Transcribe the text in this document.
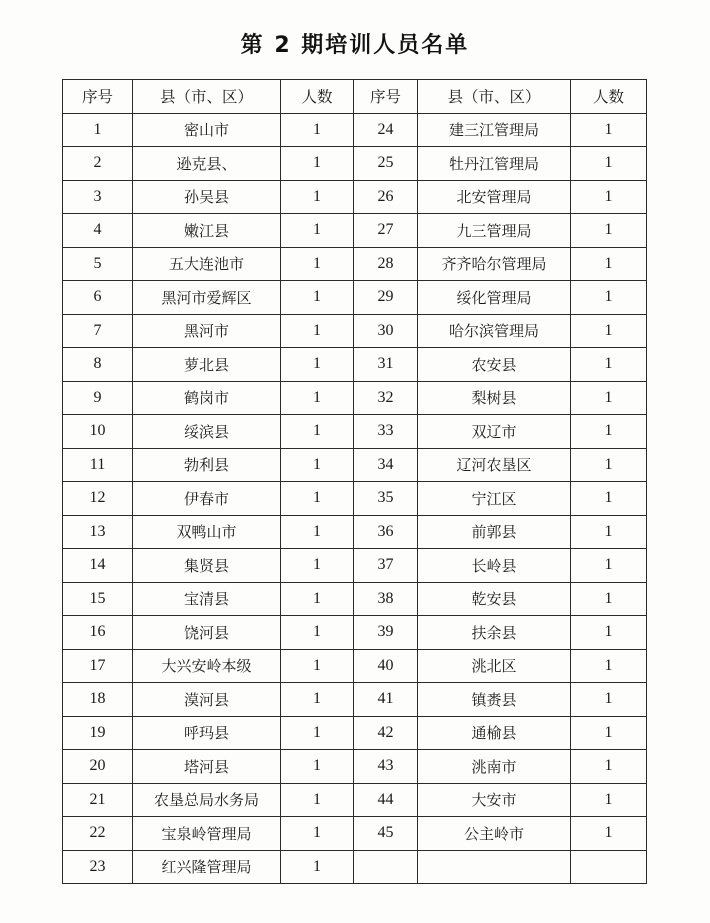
第 2 期培训人员名单
序号	县（市、区）	人数	序号	县（市、区）	人数
1	密山市	1	24	建三江管理局	1
2	逊克县、	1	25	牡丹江管理局	1
3	孙吴县	1	26	北安管理局	1
4	嫩江县	1	27	九三管理局	1
5	五大连池市	1	28	齐齐哈尔管理局	1
6	黑河市爱辉区	1	29	绥化管理局	1
7	黑河市	1	30	哈尔滨管理局	1
8	萝北县	1	31	农安县	1
9	鹤岗市	1	32	梨树县	1
10	绥滨县	1	33	双辽市	1
11	勃利县	1	34	辽河农垦区	1
12	伊春市	1	35	宁江区	1
13	双鸭山市	1	36	前郭县	1
14	集贤县	1	37	长岭县	1
15	宝清县	1	38	乾安县	1
16	饶河县	1	39	扶余县	1
17	大兴安岭本级	1	40	洮北区	1
18	漠河县	1	41	镇赉县	1
19	呼玛县	1	42	通榆县	1
20	塔河县	1	43	洮南市	1
21	农垦总局水务局	1	44	大安市	1
22	宝泉岭管理局	1	45	公主岭市	1
23	红兴隆管理局	1			
